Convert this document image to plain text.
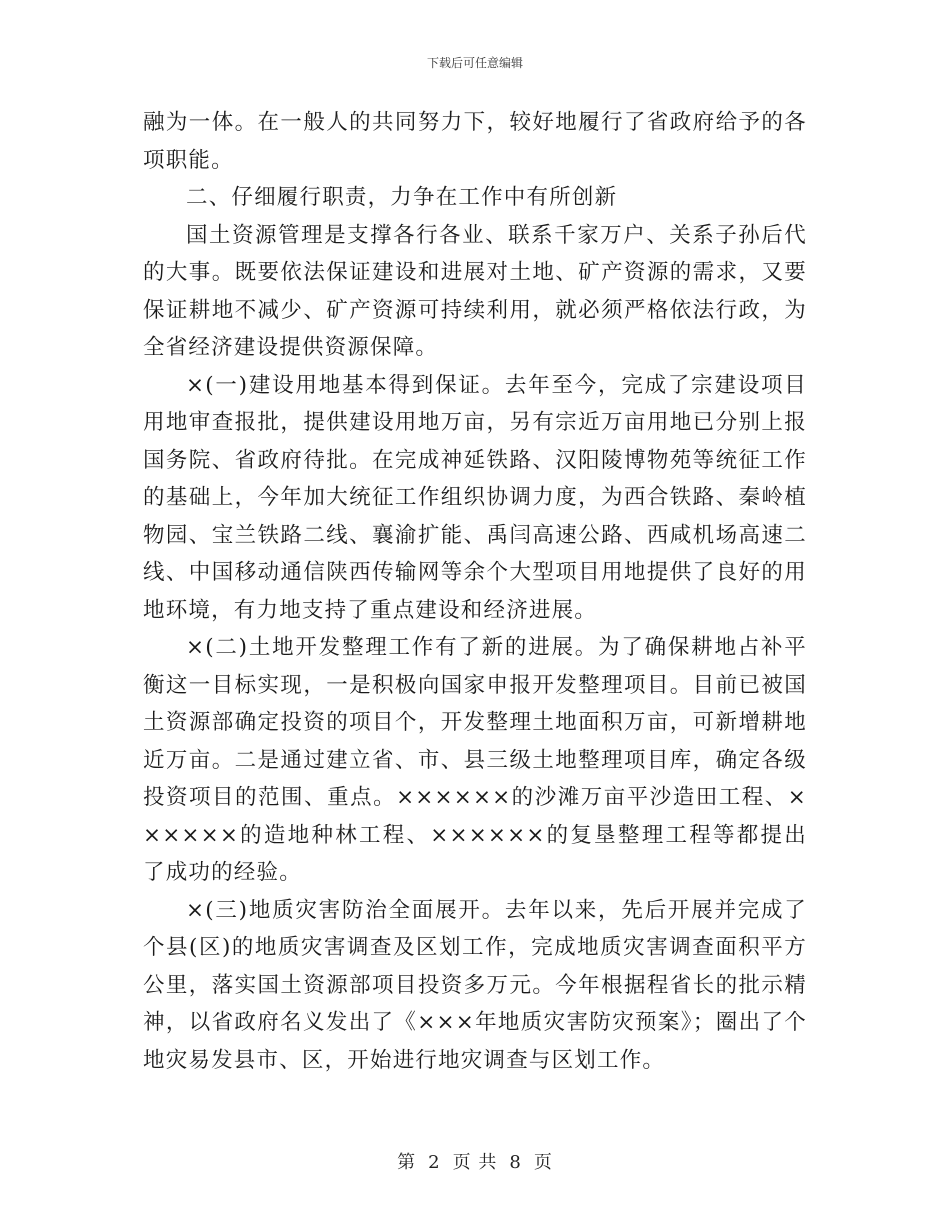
下载后可任意编辑

融为一体。在一般人的共同努力下，较好地履行了省政府给予的各项职能。

二、仔细履行职责，力争在工作中有所创新

国土资源管理是支撑各行各业、联系千家万户、关系子孙后代的大事。既要依法保证建设和进展对土地、矿产资源的需求，又要保证耕地不减少、矿产资源可持续利用，就必须严格依法行政，为全省经济建设提供资源保障。

×(一)建设用地基本得到保证。去年至今，完成了宗建设项目用地审查报批，提供建设用地万亩，另有宗近万亩用地已分别上报国务院、省政府待批。在完成神延铁路、汉阳陵博物苑等统征工作的基础上，今年加大统征工作组织协调力度，为西合铁路、秦岭植物园、宝兰铁路二线、襄渝扩能、禹闫高速公路、西咸机场高速二线、中国移动通信陕西传输网等余个大型项目用地提供了良好的用地环境，有力地支持了重点建设和经济进展。

×(二)土地开发整理工作有了新的进展。为了确保耕地占补平衡这一目标实现，一是积极向国家申报开发整理项目。目前已被国土资源部确定投资的项目个，开发整理土地面积万亩，可新增耕地近万亩。二是通过建立省、市、县三级土地整理项目库，确定各级投资项目的范围、重点。××××××的沙滩万亩平沙造田工程、××××××的造地种林工程、××××××的复垦整理工程等都提出了成功的经验。

×(三)地质灾害防治全面展开。去年以来，先后开展并完成了个县(区)的地质灾害调查及区划工作，完成地质灾害调查面积平方公里，落实国土资源部项目投资多万元。今年根据程省长的批示精神，以省政府名义发出了《×××年地质灾害防灾预案》；圈出了个地灾易发县市、区，开始进行地灾调查与区划工作。

第 2 页 共 8 页
